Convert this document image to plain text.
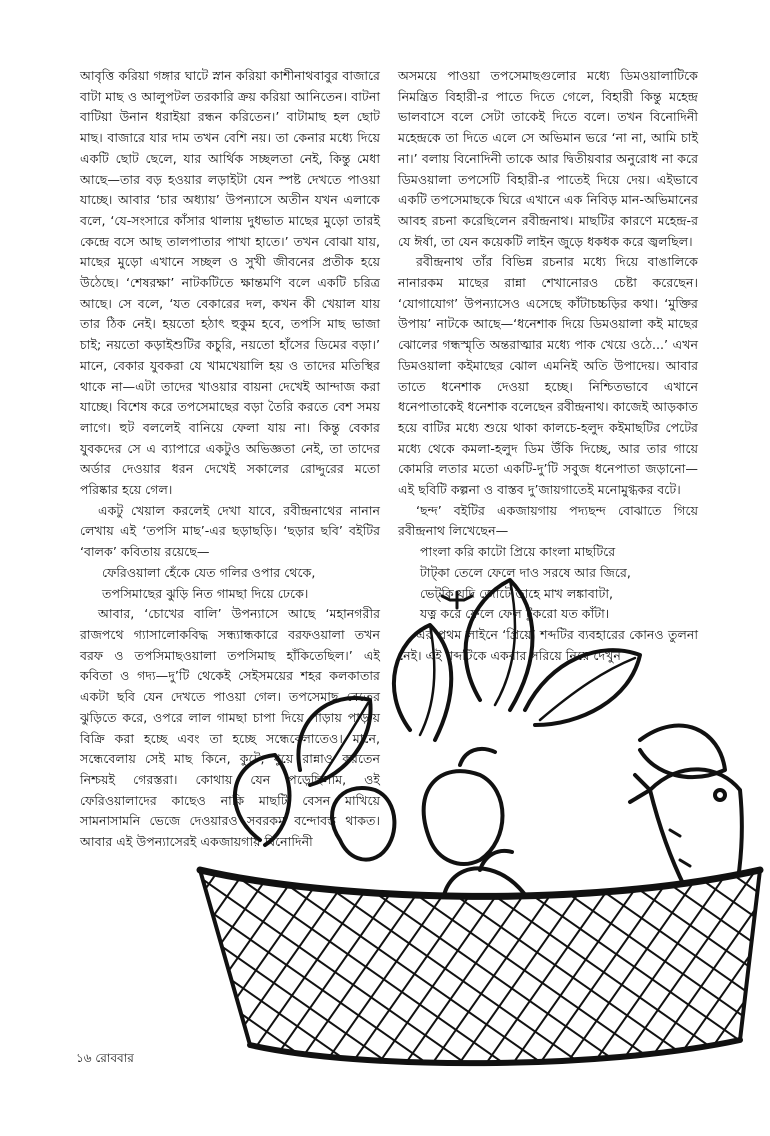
আবৃত্তি করিয়া গঙ্গার ঘাটে স্নান করিয়া কাশীনাথবাবুর বাজারে বাটা মাছ ও আলুপটল তরকারি ক্রয় করিয়া আনিতেন। বাটনা বাটিয়া উনান ধরাইয়া রন্ধন করিতেন।’ বাটামাছ হল ছোট মাছ। বাজারে যার দাম তখন বেশি নয়। তা কেনার মধ্যে দিয়ে একটি ছোট ছেলে, যার আর্থিক সচ্ছলতা নেই, কিন্তু মেধা আছে—তার বড় হওয়ার লড়াইটা যেন স্পষ্ট দেখতে পাওয়া যাচ্ছে। আবার ‘চার অধ্যায়’ উপন্যাসে অতীন যখন এলাকে বলে, ‘যে-সংসারে কাঁসার থালায় দুধভাত মাছের মুড়ো তারই কেন্দ্রে বসে আছ তালপাতার পাখা হাতে।’ তখন বোঝা যায়, মাছের মুড়ো এখানে সচ্ছল ও সুখী জীবনের প্রতীক হয়ে উঠেছে। ‘শেষরক্ষা’ নাটকটিতে ক্ষান্তমণি বলে একটি চরিত্র আছে। সে বলে, ‘যত বেকারের দল, কখন কী খেয়াল যায় তার ঠিক নেই। হয়তো হঠাৎ হুকুম হবে, তপসি মাছ ভাজা চাই; নয়তো কড়াইশুটির কচুরি, নয়তো হাঁসের ডিমের বড়া।’ মানে, বেকার যুবকরা যে খামখেয়ালি হয় ও তাদের মতিস্থির থাকে না—এটা তাদের খাওয়ার বায়না দেখেই আন্দাজ করা যাচ্ছে। বিশেষ করে তপসেমাছের বড়া তৈরি করতে বেশ সময় লাগে। হুট বললেই বানিয়ে ফেলা যায় না। কিন্তু বেকার যুবকদের সে এ ব্যাপারে একটুও অভিজ্ঞতা নেই, তা তাদের অর্ডার দেওয়ার ধরন দেখেই সকালের রোদ্দুরের মতো পরিষ্কার হয়ে গেল।

একটু খেয়াল করলেই দেখা যাবে, রবীন্দ্রনাথের নানান লেখায় এই ‘তপসি মাছ’-এর ছড়াছড়ি। ‘ছড়ার ছবি’ বইটির ‘বালক’ কবিতায় রয়েছে—

ফেরিওয়ালা হেঁকে যেত গলির ওপার থেকে,

তপসিমাছের ঝুড়ি নিত গামছা দিয়ে ঢেকে।

আবার, ‘চোখের বালি’ উপন্যাসে আছে ‘মহানগরীর রাজপথে গ্যাসালোকবিদ্ধ সন্ধ্যান্ধকারে বরফওয়ালা তখন বরফ ও তপসিমাছওয়ালা তপসিমাছ হাঁকিতেছিল।’ এই কবিতা ও গদ্য—দু’টি থেকেই সেইসময়ের শহর কলকাতার একটা ছবি যেন দেখতে পাওয়া গেল। তপসেমাছ বেতের ঝুড়িতে করে, ওপরে লাল গামছা চাপা দিয়ে পাড়ায় পাড়ায় বিক্রি করা হচ্ছে এবং তা হচ্ছে সন্ধেবেলাতেও। মানে, সন্ধেবেলায় সেই মাছ কিনে, কুটে, ধুয়ে রান্নাও করতেন নিশ্চয়ই গেরস্তরা। কোথায় যেন পড়েছিলাম, ওই ফেরিওয়ালাদের কাছেও নাকি মাছটি বেসন মাখিয়ে সামনাসামনি ভেজে দেওয়ারও সবরকম বন্দোবস্ত থাকত। আবার এই উপন্যাসেরই একজায়গায় বিনোদিনী

অসময়ে পাওয়া তপসেমাছগুলোর মধ্যে ডিমওয়ালাটিকে নিমন্ত্রিত বিহারী-র পাতে দিতে গেলে, বিহারী কিন্তু মহেন্দ্র ভালবাসে বলে সেটা তাকেই দিতে বলে। তখন বিনোদিনী মহেন্দ্রকে তা দিতে এলে সে অভিমান ভরে ‘না না, আমি চাই না।’ বলায় বিনোদিনী তাকে আর দ্বিতীয়বার অনুরোধ না করে ডিমওয়ালা তপসেটি বিহারী-র পাতেই দিয়ে দেয়। এইভাবে একটি তপসেমাছকে ঘিরে এখানে এক নিবিড় মান-অভিমানের আবহ রচনা করেছিলেন রবীন্দ্রনাথ। মাছটির কারণে মহেন্দ্র-র যে ঈর্ষা, তা যেন কয়েকটি লাইন জুড়ে ধকধক করে জ্বলছিল।

রবীন্দ্রনাথ তাঁর বিভিন্ন রচনার মধ্যে দিয়ে বাঙালিকে নানারকম মাছের রান্না শেখানোরও চেষ্টা করেছেন। ‘যোগাযোগ’ উপন্যাসেও এসেছে কাঁটাচচ্চড়ির কথা। ‘মুক্তির উপায়’ নাটকে আছে—‘ধনেশাক দিয়ে ডিমওয়ালা কই মাছের ঝোলের গন্ধস্মৃতি অন্তরাত্মার মধ্যে পাক খেয়ে ওঠে...’ এখন ডিমওয়ালা কইমাছের ঝোল এমনিই অতি উপাদেয়। আবার তাতে ধনেশাক দেওয়া হচ্ছে। নিশ্চিতভাবে এখানে ধনেপাতাকেই ধনেশাক বলেছেন রবীন্দ্রনাথ। কাজেই আড়কাত হয়ে বাটির মধ্যে শুয়ে থাকা কালচে-হলুদ কইমাছটির পেটের মধ্যে থেকে কমলা-হলুদ ডিম উঁকি দিচ্ছে, আর তার গায়ে কোমরি লতার মতো একটি-দু’টি সবুজ ধনেপাতা জড়ানো—এই ছবিটি কল্পনা ও বাস্তব দু’জায়গাতেই মনোমুগ্ধকর বটে।

‘ছন্দ’ বইটির একজায়গায় পদ্যছন্দ বোঝাতে গিয়ে রবীন্দ্রনাথ লিখেছেন—

পাংলা করি কাটো প্রিয়ে কাংলা মাছটিরে

টাট্‌কা তেলে ফেলে দাও সরষে আর জিরে,

ভেট্‌কি যদি জোটে তাহে মাখ লঙ্কাবাটা,

যত্ন করে ফেলে ফেল টুকরো যত কাঁটা।

এর প্রথম লাইনে ‘প্রিয়ে’ শব্দটির ব্যবহারের কোনও তুলনা নেই। এই শব্দটিকে একবার সরিয়ে নিয়ে দেখুন

১৬ রোববার
